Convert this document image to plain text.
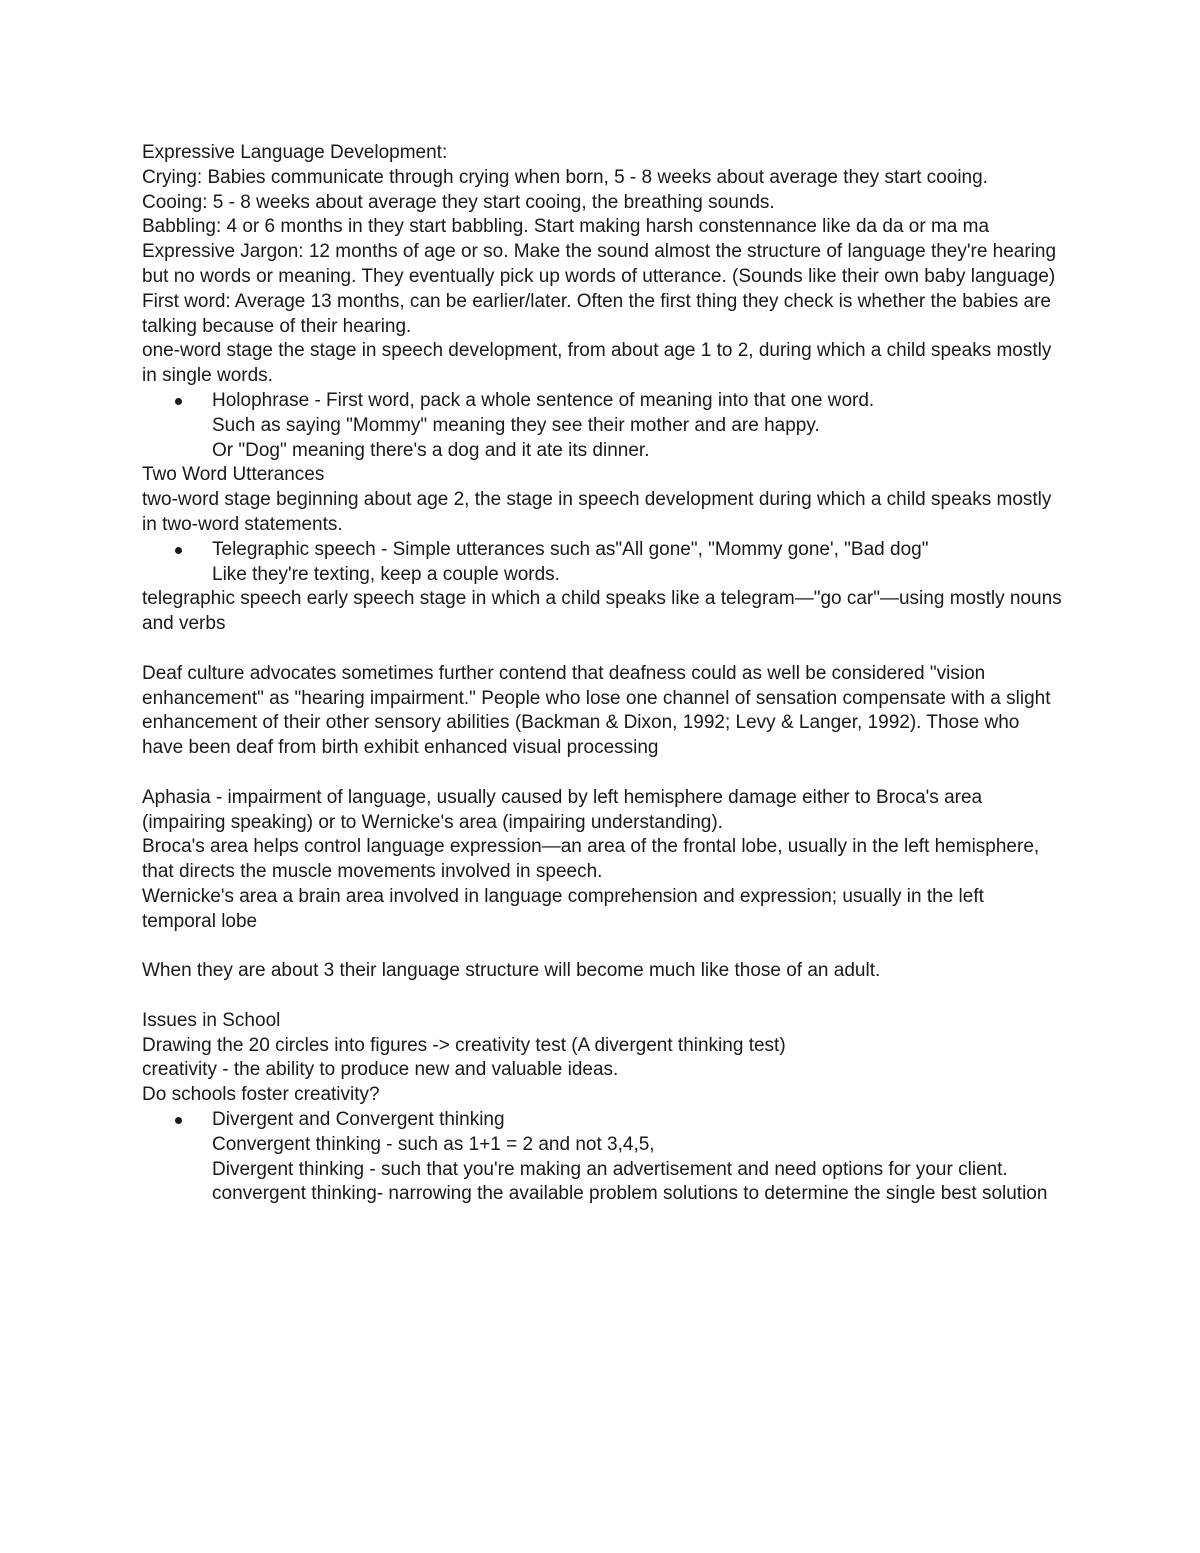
Expressive Language Development:

Crying: Babies communicate through crying when born, 5 - 8 weeks about average they start cooing.

Cooing: 5 - 8 weeks about average they start cooing, the breathing sounds.

Babbling: 4 or 6 months in they start babbling. Start making harsh constennance like da da or ma ma

Expressive Jargon: 12 months of age or so. Make the sound almost the structure of language they're hearing but no words or meaning. They eventually pick up words of utterance. (Sounds like their own baby language)

First word: Average 13 months, can be earlier/later. Often the first thing they check is whether the babies are talking because of their hearing.

one-word stage the stage in speech development, from about age 1 to 2, during which a child speaks mostly in single words.

Holophrase - First word, pack a whole sentence of meaning into that one word.

Such as saying "Mommy" meaning they see their mother and are happy.

Or "Dog" meaning there's a dog and it ate its dinner.

Two Word Utterances

two-word stage beginning about age 2, the stage in speech development during which a child speaks mostly in two-word statements.

Telegraphic speech - Simple utterances such as"All gone", "Mommy gone', "Bad dog"

Like they're texting, keep a couple words.

telegraphic speech early speech stage in which a child speaks like a telegram—"go car"—using mostly nouns and verbs

Deaf culture advocates sometimes further contend that deafness could as well be considered "vision enhancement" as "hearing impairment." People who lose one channel of sensation compensate with a slight enhancement of their other sensory abilities (Backman & Dixon, 1992; Levy & Langer, 1992). Those who have been deaf from birth exhibit enhanced visual processing

Aphasia - impairment of language, usually caused by left hemisphere damage either to Broca's area (impairing speaking) or to Wernicke's area (impairing understanding).

Broca's area helps control language expression—an area of the frontal lobe, usually in the left hemisphere, that directs the muscle movements involved in speech.

Wernicke's area a brain area involved in language comprehension and expression; usually in the left temporal lobe

When they are about 3 their language structure will become much like those of an adult.

Issues in School

Drawing the 20 circles into figures -> creativity test (A divergent thinking test)

creativity - the ability to produce new and valuable ideas.

Do schools foster creativity?

Divergent and Convergent thinking

Convergent thinking - such as 1+1 = 2 and not 3,4,5,

Divergent thinking - such that you're making an advertisement and need options for your client.

convergent thinking- narrowing the available problem solutions to determine the single best solution
